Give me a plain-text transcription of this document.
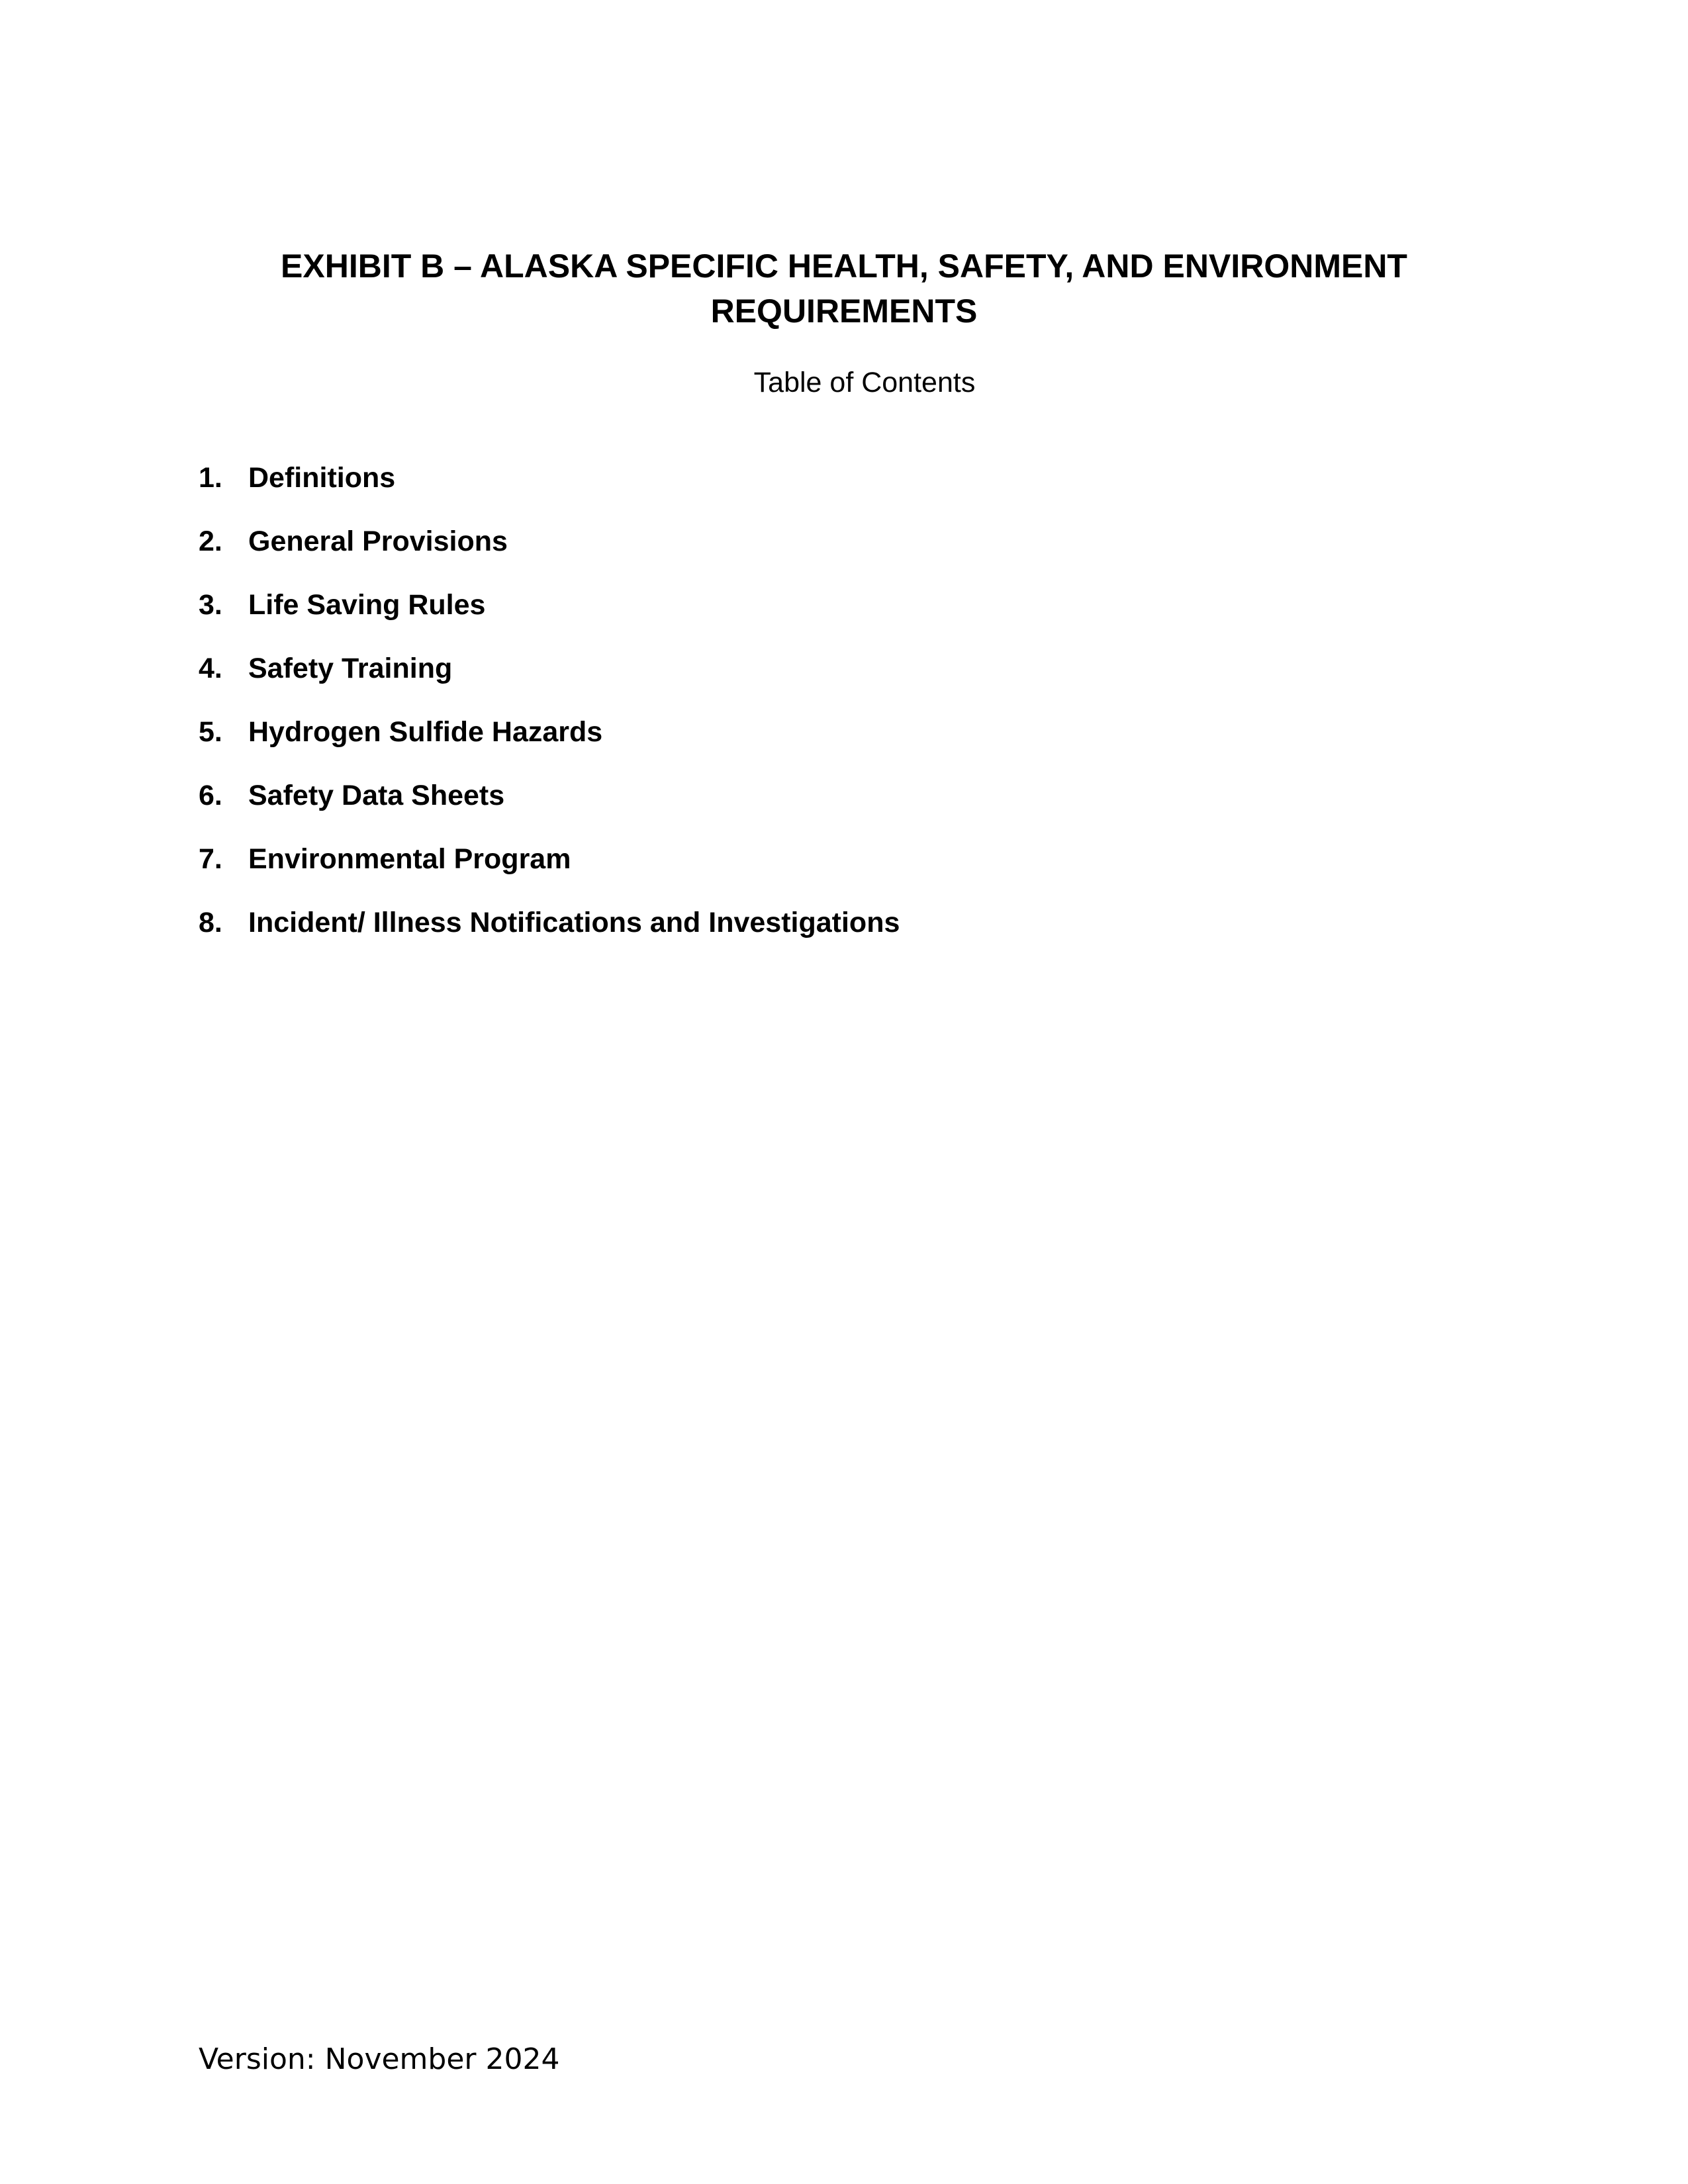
EXHIBIT B – ALASKA SPECIFIC HEALTH, SAFETY, AND ENVIRONMENT
REQUIREMENTS

Table of Contents

1. Definitions
2. General Provisions
3. Life Saving Rules
4. Safety Training
5. Hydrogen Sulfide Hazards
6. Safety Data Sheets
7. Environmental Program
8. Incident/ Illness Notifications and Investigations

Version: November 2024
